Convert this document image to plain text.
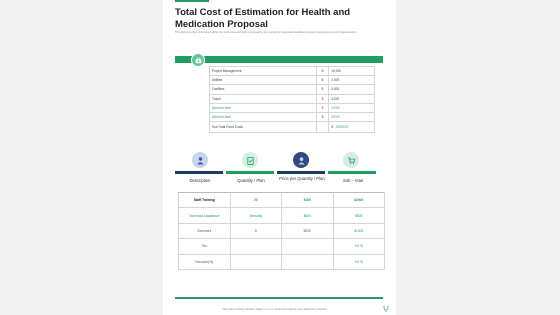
Total Cost of Estimation for Health and Medication Proposal
This slide provides information about the total cost estimation proposed by the vendor for integrated healthcare system development and implementation.
Project Management	$	15,000
Utilities	$	2,500
Facilities	$	3,500
Travel	$	3,000
Add text here	$	XXXX
Add text here	$	XXXX
Sub Total Fixed Costs		$ XXXXXX
Description	Quantity / Plan	Price per Quantity / Plan	Sub – total
This slide is 100% editable. Adapt it to your needs and capture your audience's attention.
Staff Training	20	$100	$2000
Technical Assistance	Annually	$500	$500
Seminars	5	$200	$1000
Tax			XX %
Discount(%)			XX %
